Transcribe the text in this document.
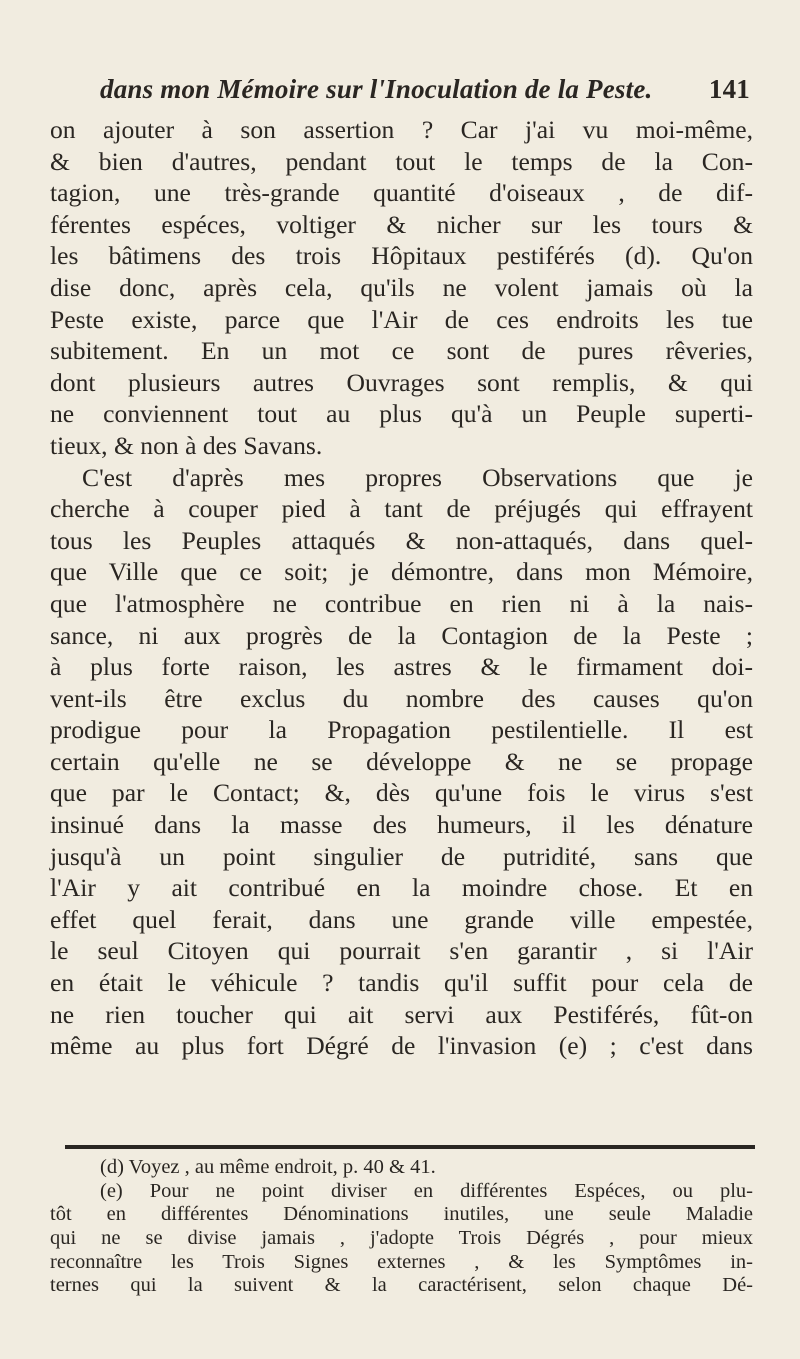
dans mon Mémoire sur l'Inoculation de la Peste. 141
on ajouter à son assertion ? Car j'ai vu moi-même,
& bien d'autres, pendant tout le temps de la Con-
tagion, une très-grande quantité d'oiseaux , de dif-
férentes espéces, voltiger & nicher sur les tours &
les bâtimens des trois Hôpitaux pestiférés (d). Qu'on
dise donc, après cela, qu'ils ne volent jamais où la
Peste existe, parce que l'Air de ces endroits les tue
subitement. En un mot ce sont de pures rêveries,
dont plusieurs autres Ouvrages sont remplis, & qui
ne conviennent tout au plus qu'à un Peuple superti-
tieux, & non à des Savans.
C'est d'après mes propres Observations que je
cherche à couper pied à tant de préjugés qui effrayent
tous les Peuples attaqués & non-attaqués, dans quel-
que Ville que ce soit; je démontre, dans mon Mémoire,
que l'atmosphère ne contribue en rien ni à la nais-
sance, ni aux progrès de la Contagion de la Peste ;
à plus forte raison, les astres & le firmament doi-
vent-ils être exclus du nombre des causes qu'on
prodigue pour la Propagation pestilentielle. Il est
certain qu'elle ne se développe & ne se propage
que par le Contact; &, dès qu'une fois le virus s'est
insinué dans la masse des humeurs, il les dénature
jusqu'à un point singulier de putridité, sans que
l'Air y ait contribué en la moindre chose. Et en
effet quel ferait, dans une grande ville empestée,
le seul Citoyen qui pourrait s'en garantir , si l'Air
en était le véhicule ? tandis qu'il suffit pour cela de
ne rien toucher qui ait servi aux Pestiférés, fût-on
même au plus fort Dégré de l'invasion (e) ; c'est dans
(d) Voyez , au même endroit, p. 40 & 41.
(e) Pour ne point diviser en différentes Espéces, ou plu-
tôt en différentes Dénominations inutiles, une seule Maladie
qui ne se divise jamais , j'adopte Trois Dégrés , pour mieux
reconnaître les Trois Signes externes , & les Symptômes in-
ternes qui la suivent & la caractérisent, selon chaque Dé-
